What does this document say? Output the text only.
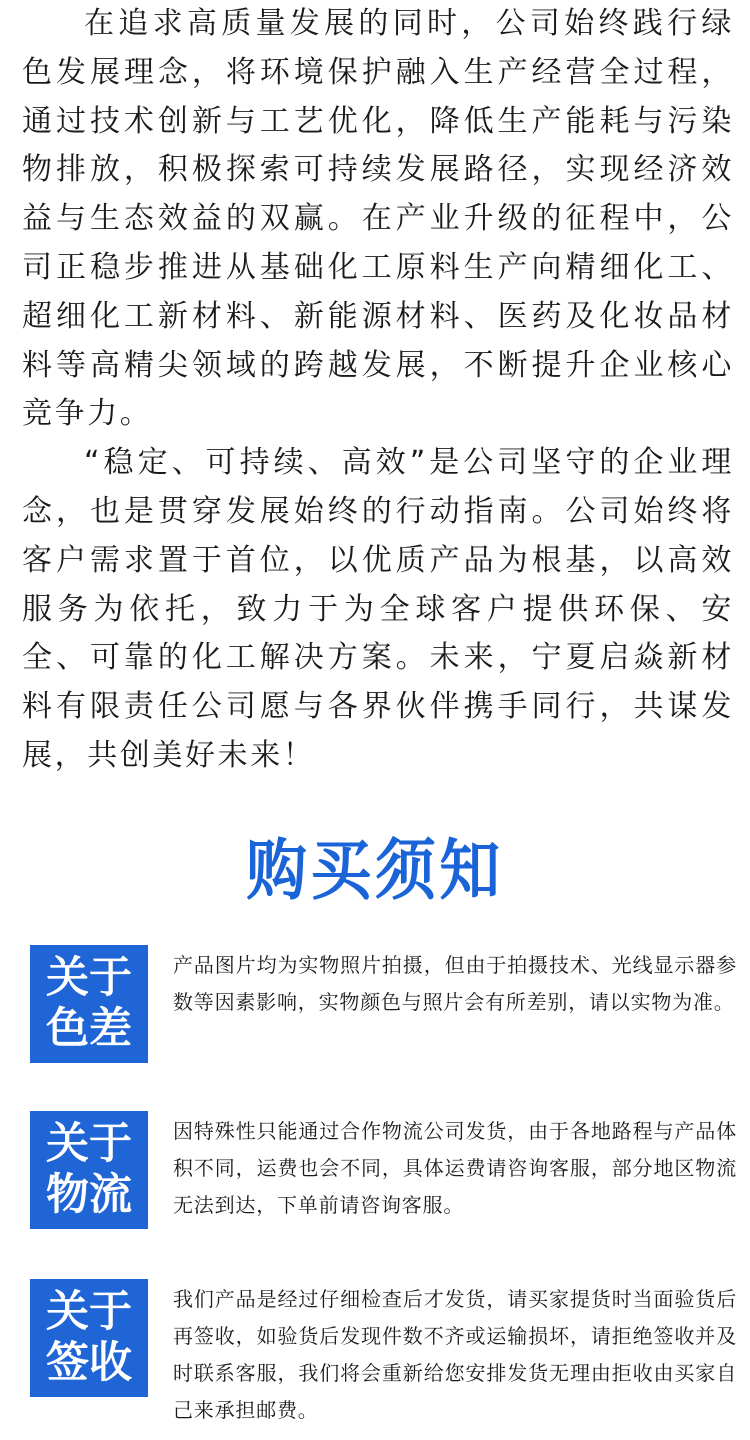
在追求高质量发展的同时，公司始终践行绿色发展理念，将环境保护融入生产经营全过程，通过技术创新与工艺优化，降低生产能耗与污染物排放，积极探索可持续发展路径，实现经济效益与生态效益的双赢。在产业升级的征程中，公司正稳步推进从基础化工原料生产向精细化工、超细化工新材料、新能源材料、医药及化妆品材料等高精尖领域的跨越发展，不断提升企业核心竞争力。

“稳定、可持续、高效”是公司坚守的企业理念，也是贯穿发展始终的行动指南。公司始终将客户需求置于首位，以优质产品为根基，以高效服务为依托，致力于为全球客户提供环保、安全、可靠的化工解决方案。未来，宁夏启焱新材料有限责任公司愿与各界伙伴携手同行，共谋发展，共创美好未来！

购买须知
关于
色差

产品图片均为实物照片拍摄，但由于拍摄技术、光线显示器参数等因素影响，实物颜色与照片会有所差别，请以实物为准。

关于
物流

因特殊性只能通过合作物流公司发货，由于各地路程与产品体积不同，运费也会不同，具体运费请咨询客服，部分地区物流无法到达，下单前请咨询客服。

关于
签收

我们产品是经过仔细检查后才发货，请买家提货时当面验货后再签收，如验货后发现件数不齐或运输损坏，请拒绝签收并及时联系客服，我们将会重新给您安排发货无理由拒收由买家自己来承担邮费。
